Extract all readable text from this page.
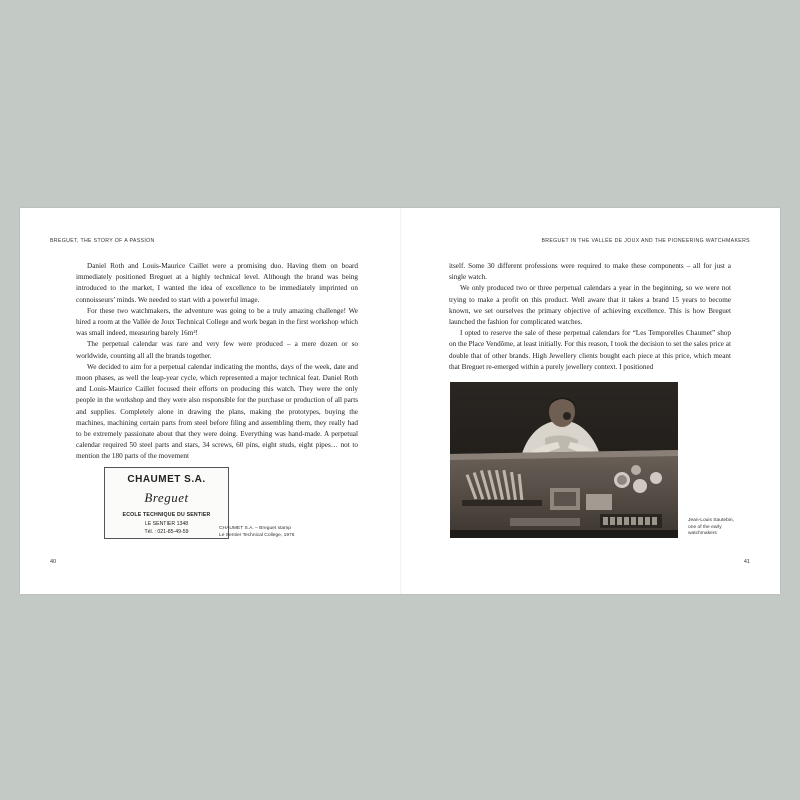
BREGUET, THE STORY OF A PASSION

Daniel Roth and Louis-Maurice Caillet were a promising duo. Having them on board immediately positioned Breguet at a highly technical level. Although the brand was being introduced to the market, I wanted the idea of excellence to be immediately imprinted on connoisseurs’ minds. We needed to start with a powerful image.

For these two watchmakers, the adventure was going to be a truly amazing challenge! We hired a room at the Vallée de Joux Technical College and work began in the first workshop which was small indeed, measuring barely 16m²!

The perpetual calendar was rare and very few were produced – a mere dozen or so worldwide, counting all all the brands together.

We decided to aim for a perpetual calendar indicating the months, days of the week, date and moon phases, as well the leap-year cycle, which represented a major technical feat. Daniel Roth and Louis-Maurice Caillet focused their efforts on producing this watch. They were the only people in the workshop and they were also responsible for the purchase or production of all parts and supplies. Completely alone in drawing the plans, making the prototypes, buying the machines, machining certain parts from steel before filing and assembling them, they really had to be extremely passionate about that they were doing. Everything was hand-made. A perpetual calendar required 50 steel parts and stars, 34 screws, 60 pins, eight studs, eight pipes… not to mention the 180 parts of the movement

CHAUMET S.A.
Breguet
ECOLE TECHNIQUE DU SENTIER
LE SENTIER 1348
Tél. : 021-85-49-59
CHAUMET S.A. – Breguet stamp
Le Sentier Technical College, 1976
40
BREGUET IN THE VALLÉE DE JOUX AND THE PIONEERING WATCHMAKERS

itself. Some 30 different professions were required to make these components – all for just a single watch.

We only produced two or three perpetual calendars a year in the beginning, so we were not trying to make a profit on this product. Well aware that it takes a brand 15 years to become known, we set ourselves the primary objective of achieving excellence. This is how Breguet launched the fashion for complicated watches.

I opted to reserve the sale of these perpetual calendars for “Les Temporelles Chaumet” shop on the Place Vendôme, at least initially. For this reason, I took the decision to set the sales price at double that of other brands. High Jewellery clients bought each piece at this price, which meant that Breguet re-emerged within a purely jewellery context. I positioned

Jean-Louis Sautebin,
one of the early
watchmakers
41
